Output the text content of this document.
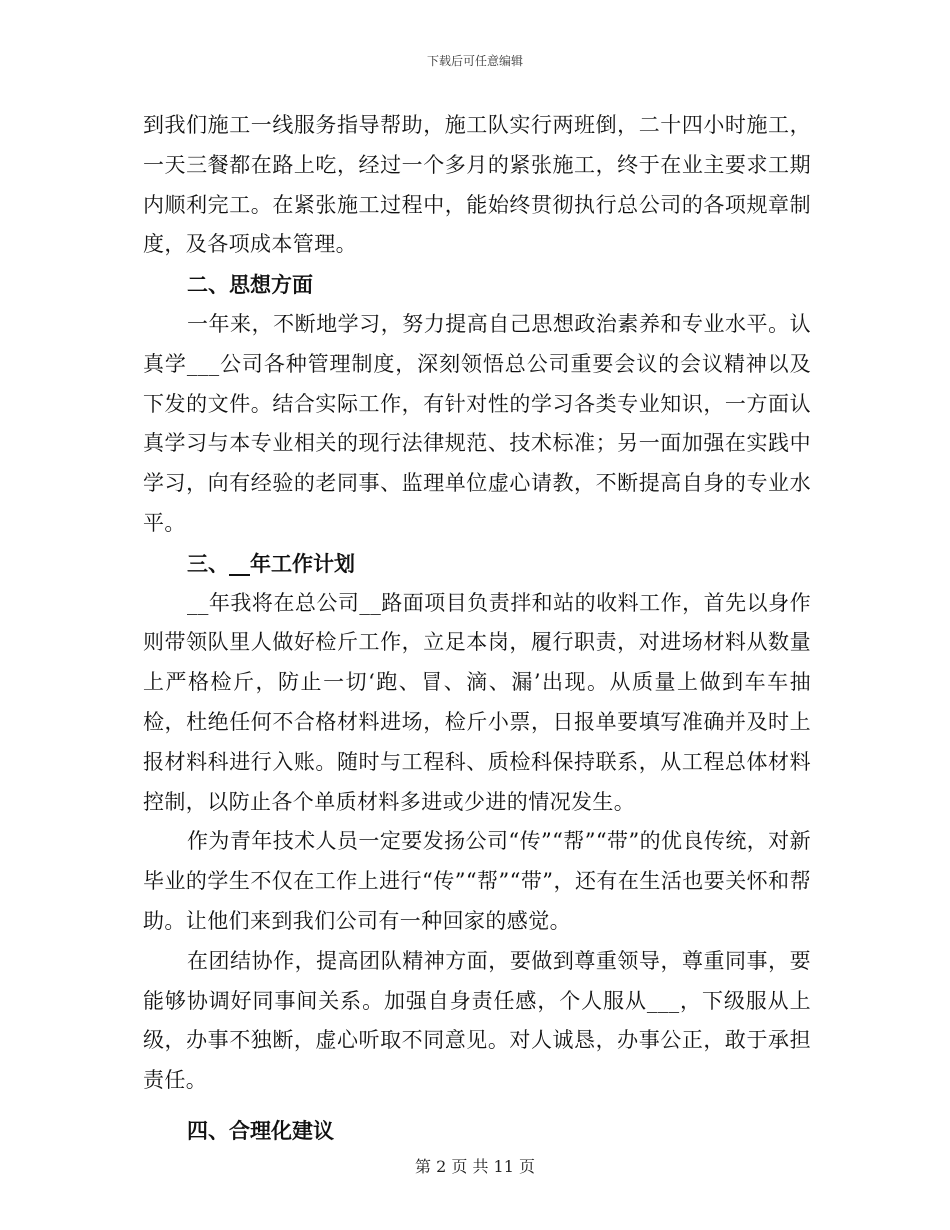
下载后可任意编辑

到我们施工一线服务指导帮助，施工队实行两班倒，二十四小时施工，一天三餐都在路上吃，经过一个多月的紧张施工，终于在业主要求工期内顺利完工。在紧张施工过程中，能始终贯彻执行总公司的各项规章制度，及各项成本管理。

二、思想方面

一年来，不断地学习，努力提高自己思想政治素养和专业水平。认真学___公司各种管理制度，深刻领悟总公司重要会议的会议精神以及下发的文件。结合实际工作，有针对性的学习各类专业知识，一方面认真学习与本专业相关的现行法律规范、技术标准；另一面加强在实践中学习，向有经验的老同事、监理单位虚心请教，不断提高自身的专业水平。

三、__年工作计划

__年我将在总公司__路面项目负责拌和站的收料工作，首先以身作则带领队里人做好检斤工作，立足本岗，履行职责，对进场材料从数量上严格检斤，防止一切‘跑、冒、滴、漏’出现。从质量上做到车车抽检，杜绝任何不合格材料进场，检斤小票，日报单要填写准确并及时上报材料科进行入账。随时与工程科、质检科保持联系，从工程总体材料控制，以防止各个单质材料多进或少进的情况发生。

作为青年技术人员一定要发扬公司“传”“帮”“带”的优良传统，对新毕业的学生不仅在工作上进行“传”“帮”“带”，还有在生活也要关怀和帮助。让他们来到我们公司有一种回家的感觉。

在团结协作，提高团队精神方面，要做到尊重领导，尊重同事，要能够协调好同事间关系。加强自身责任感，个人服从___，下级服从上级，办事不独断，虚心听取不同意见。对人诚恳，办事公正，敢于承担责任。

四、合理化建议

第 2 页 共 11 页
